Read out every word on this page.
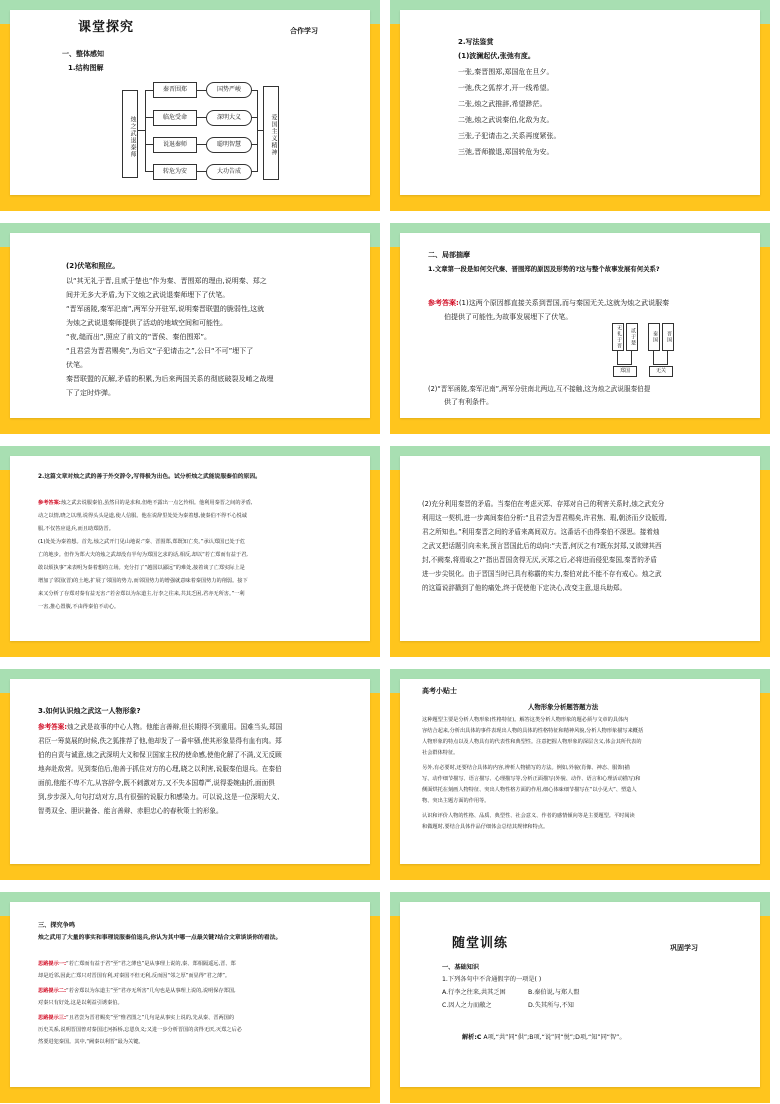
课堂探究	合作学习
一、整体感知
1.结构图解
烛之武退秦师
秦晋围郑
临危受命
说退秦师
转危为安
国势严峻
深明大义
聪明智慧
大功告成
爱国主义精神
2.写法鉴赏
(1)波澜起伏,张弛有度。
一张,秦晋围郑,郑国危在旦夕。
一弛,佚之狐荐才,开一线希望。
二张,烛之武推辞,希望渺茫。
二弛,烛之武说秦伯,化敌为友。
三张,子犯请击之,关系再度紧张。
三弛,晋师撤退,郑国转危为安。
(2)伏笔和照应。
以“其无礼于晋,且贰于楚也”作为秦、晋围郑的理由,说明秦、郑之
间并无多大矛盾,为下文烛之武说退秦师埋下了伏笔。
“晋军函陵,秦军氾南”,两军分开驻军,说明秦晋联盟的脆弱性,这就
为烛之武说退秦师提供了活动的地域空间和可能性。
“夜,缒而出”,照应了前文的“晋侯、秦伯围郑”。
“且君尝为晋君赐矣”,为后文“子犯请击之”,公曰“不可”埋下了
伏笔。
秦晋联盟的瓦解,矛盾的积累,为后来两国关系的彻底破裂及崤之战埋
下了定时炸弹。
二、局部揣摩
1.文章第一段是如何交代秦、晋围郑的原因及形势的?这与整个故事发展有何关系?
参考答案:(1)这两个原因都直接关系到晋国,而与秦国无关,这就为烛之武说服秦
伯提供了可能性,为故事发展埋下了伏笔。
无礼于晋	贰于楚	秦国	晋国
郑国	无关
(2)“晋军函陵,秦军氾南”,两军分驻南北两边,互不接触,这为烛之武说服秦伯提
供了有利条件。
2.这篇文章对烛之武的善于外交辞令,写得极为出色。试分析烛之武能说服秦伯的原因。
参考答案:烛之武去说服秦伯,虽然目的是求和,但绝不露出一点乞怜相。他利用秦晋之间的矛盾,
动之以情,晓之以理,说得头头是道,使人信服。他在说辞里处处为秦着想,使秦伯不得不心悦诚
服,不仅答应退兵,而且助郑防晋。
(1)处处为秦着想。首先,烛之武开门见山地说:“秦、晋围郑,郑既知亡矣。”承认郑国已处于危
亡的地步。但作为郑大夫的烛之武却没有半句为郑国乞求的话,相反,却以“若亡郑而有益于君,
敢以烦执事”来表明为秦着想的立场。充分打了“越国以鄙远”的难处,接着谈了亡郑实际上是
增加了邻国(晋)的土地,扩展了邻国的势力,而邻国势力的增强就意味着秦国势力的削弱。接下
来又分析了存郑对秦有益无害:“若舍郑以为东道主,行李之往来,共其乏困,君亦无所害。”一利
一害,推心置腹,不由得秦伯不动心。
(2)充分利用秦晋的矛盾。当秦伯在考虑灭郑、存郑对自己的利害关系时,烛之武充分
利用这一契机,进一步离间秦伯分析:“且君尝为晋君赐矣,许君焦、瑕,朝济而夕设版焉,
君之所知也。”利用秦晋之间的矛盾来离间双方。这番话不由得秦伯不深思。接着烛
之武又把话题引向未来,预言晋国此后的动向:“夫晋,何厌之有?既东封郑,又欲肆其西
封,不阙秦,将焉取之?”指出晋国贪得无厌,灭郑之后,必将进而侵犯秦国,秦晋的矛盾
进一步尖锐化。由于晋国当时已具有称霸的实力,秦伯对此不能不存有戒心。烛之武
的这篇说辞戳到了他的痛处,终于促使他下定决心,改变主意,退兵助郑。
3.如何认识烛之武这一人物形象?
参考答案:烛之武是故事的中心人物。他能言善辩,但长期得不到重用。国难当头,郑国
君臣一筹莫展的时候,佚之狐推荐了他,他却发了一番牢骚,使其形象显得有血有肉。郑
伯的自责与诚意,烛之武深明大义和保卫国家主权的使命感,使他化解了不满,义无反顾
地奔赴敌营。见到秦伯后,他善于抓住对方的心理,晓之以利害,说服秦伯退兵。在秦伯
面前,他能不卑不亢,从容辞令,既不刺激对方,又不失本国尊严,说得委婉曲折,面面俱
到,步步深入,句句打动对方,具有很强的说服力和感染力。可以说,这是一位深明大义、
智勇双全、胆识兼备、能言善辩、赤胆忠心的春秋策士的形象。
高考小贴士
人物形象分析题答题方法
这种题型主要是分析人物形象(性格特征)。解答这类分析人物形象的题必须与文章的具体内
容结合起来,分析出具体的事件表现出人物的具体的性格特征和精神风貌,分析人物形象描写来概括
人物形象的特点以及人物具有的代表性和典型性。注意把握人物形象的深层含义,体会其所代表的
社会群体特征。
另外,有必要时,还要结合具体的内容,辨析人物描写的方法。例如,外貌(肖像、神态、服饰)描
写、动作细节描写、语言描写、心理描写等,分析正面描写(外貌、动作、语言和心理活动描写)和
侧面烘托在刻画人物特征、突出人物性格方面的作用,细心体味细节描写在“以小见大”、塑造人
物、突出主题方面的作用等。
认识和评价人物的性格、品质、典型性、社会意义、作者的感情倾向等是主要题型。平时阅读
和做题时,要结合具体作品仔细体会总结其规律和特点。
三、探究争鸣
烛之武用了大量的事实和事理说服秦伯退兵,你认为其中哪一点最关键?结合文章谈谈你的看法。
思路提示一:“若亡郑而有益于君”至“君之薄也”是从事理上说的,秦、郑相隔遥远,晋、郑
却是近邻,因此亡郑只对晋国有利,对秦国不但无利,反而因“邻之厚”而显得“君之薄”。
思路提示二:“若舍郑以为东道主”至“君亦无所害”几句也是从事理上说的,说明保存郑国,
对秦只有好处,这是以利益引诱秦伯。
思路提示三:“且君尝为晋君赐矣”至“惟君图之”几句是从事实上说的,先从秦、晋两国的
历史关系,说明晋国曾对秦国过河拆桥,忘恩负义;又进一步分析晋国的贪得无厌,灭郑之后必
然要进犯秦国。其中,“阙秦以利晋”最为关键。
随堂训练	巩固学习
一、基础知识
1.下列各句中不含通假字的一项是( )
A.行李之往来,共其乏困	B.秦伯说,与郑人盟
C.因人之力而敝之	D.失其所与,不知
解析:C A项,“共”同“供”;B项,“说”同“悦”;D项,“知”同“智”。
